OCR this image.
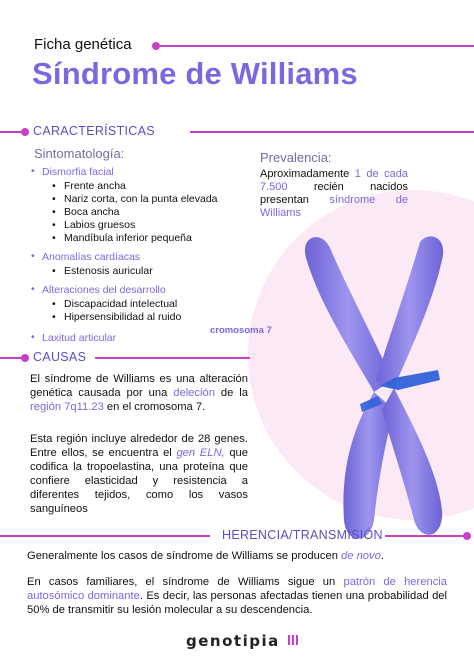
Ficha genética
Síndrome de Williams
cromosoma 7
CARACTERÍSTICAS
Sintomatología:
• Dismorfia facial
• Frente ancha
• Nariz corta, con la punta elevada
• Boca ancha
• Labios gruesos
• Mandíbula inferior pequeña
• Anomalías cardíacas
• Estenosis auricular
• Alteraciones del desarrollo
• Discapacidad intelectual
• Hipersensibilidad al ruido
• Laxitud articular
Prevalencia:
Aproximadamente 1 de cada 7.500 recién nacidos presentan síndrome de Williams
CAUSAS
El síndrome de Williams es una alteración genética causada por una deleción de la región 7q11.23 en el cromosoma 7.
Esta región incluye alrededor de 28 genes. Entre ellos, se encuentra el gen ELN, que codifica la tropoelastina, una proteína que confiere elasticidad y resistencia a diferentes tejidos, como los vasos sanguíneos
HERENCIA/TRANSMISIÓN
Generalmente los casos de síndrome de Williams se producen de novo.
En casos familiares, el síndrome de Williams sigue un patrón de herencia autosómico dominante. Es decir, las personas afectadas tienen una probabilidad del 50% de transmitir su lesión molecular a su descendencia.
genotipia
